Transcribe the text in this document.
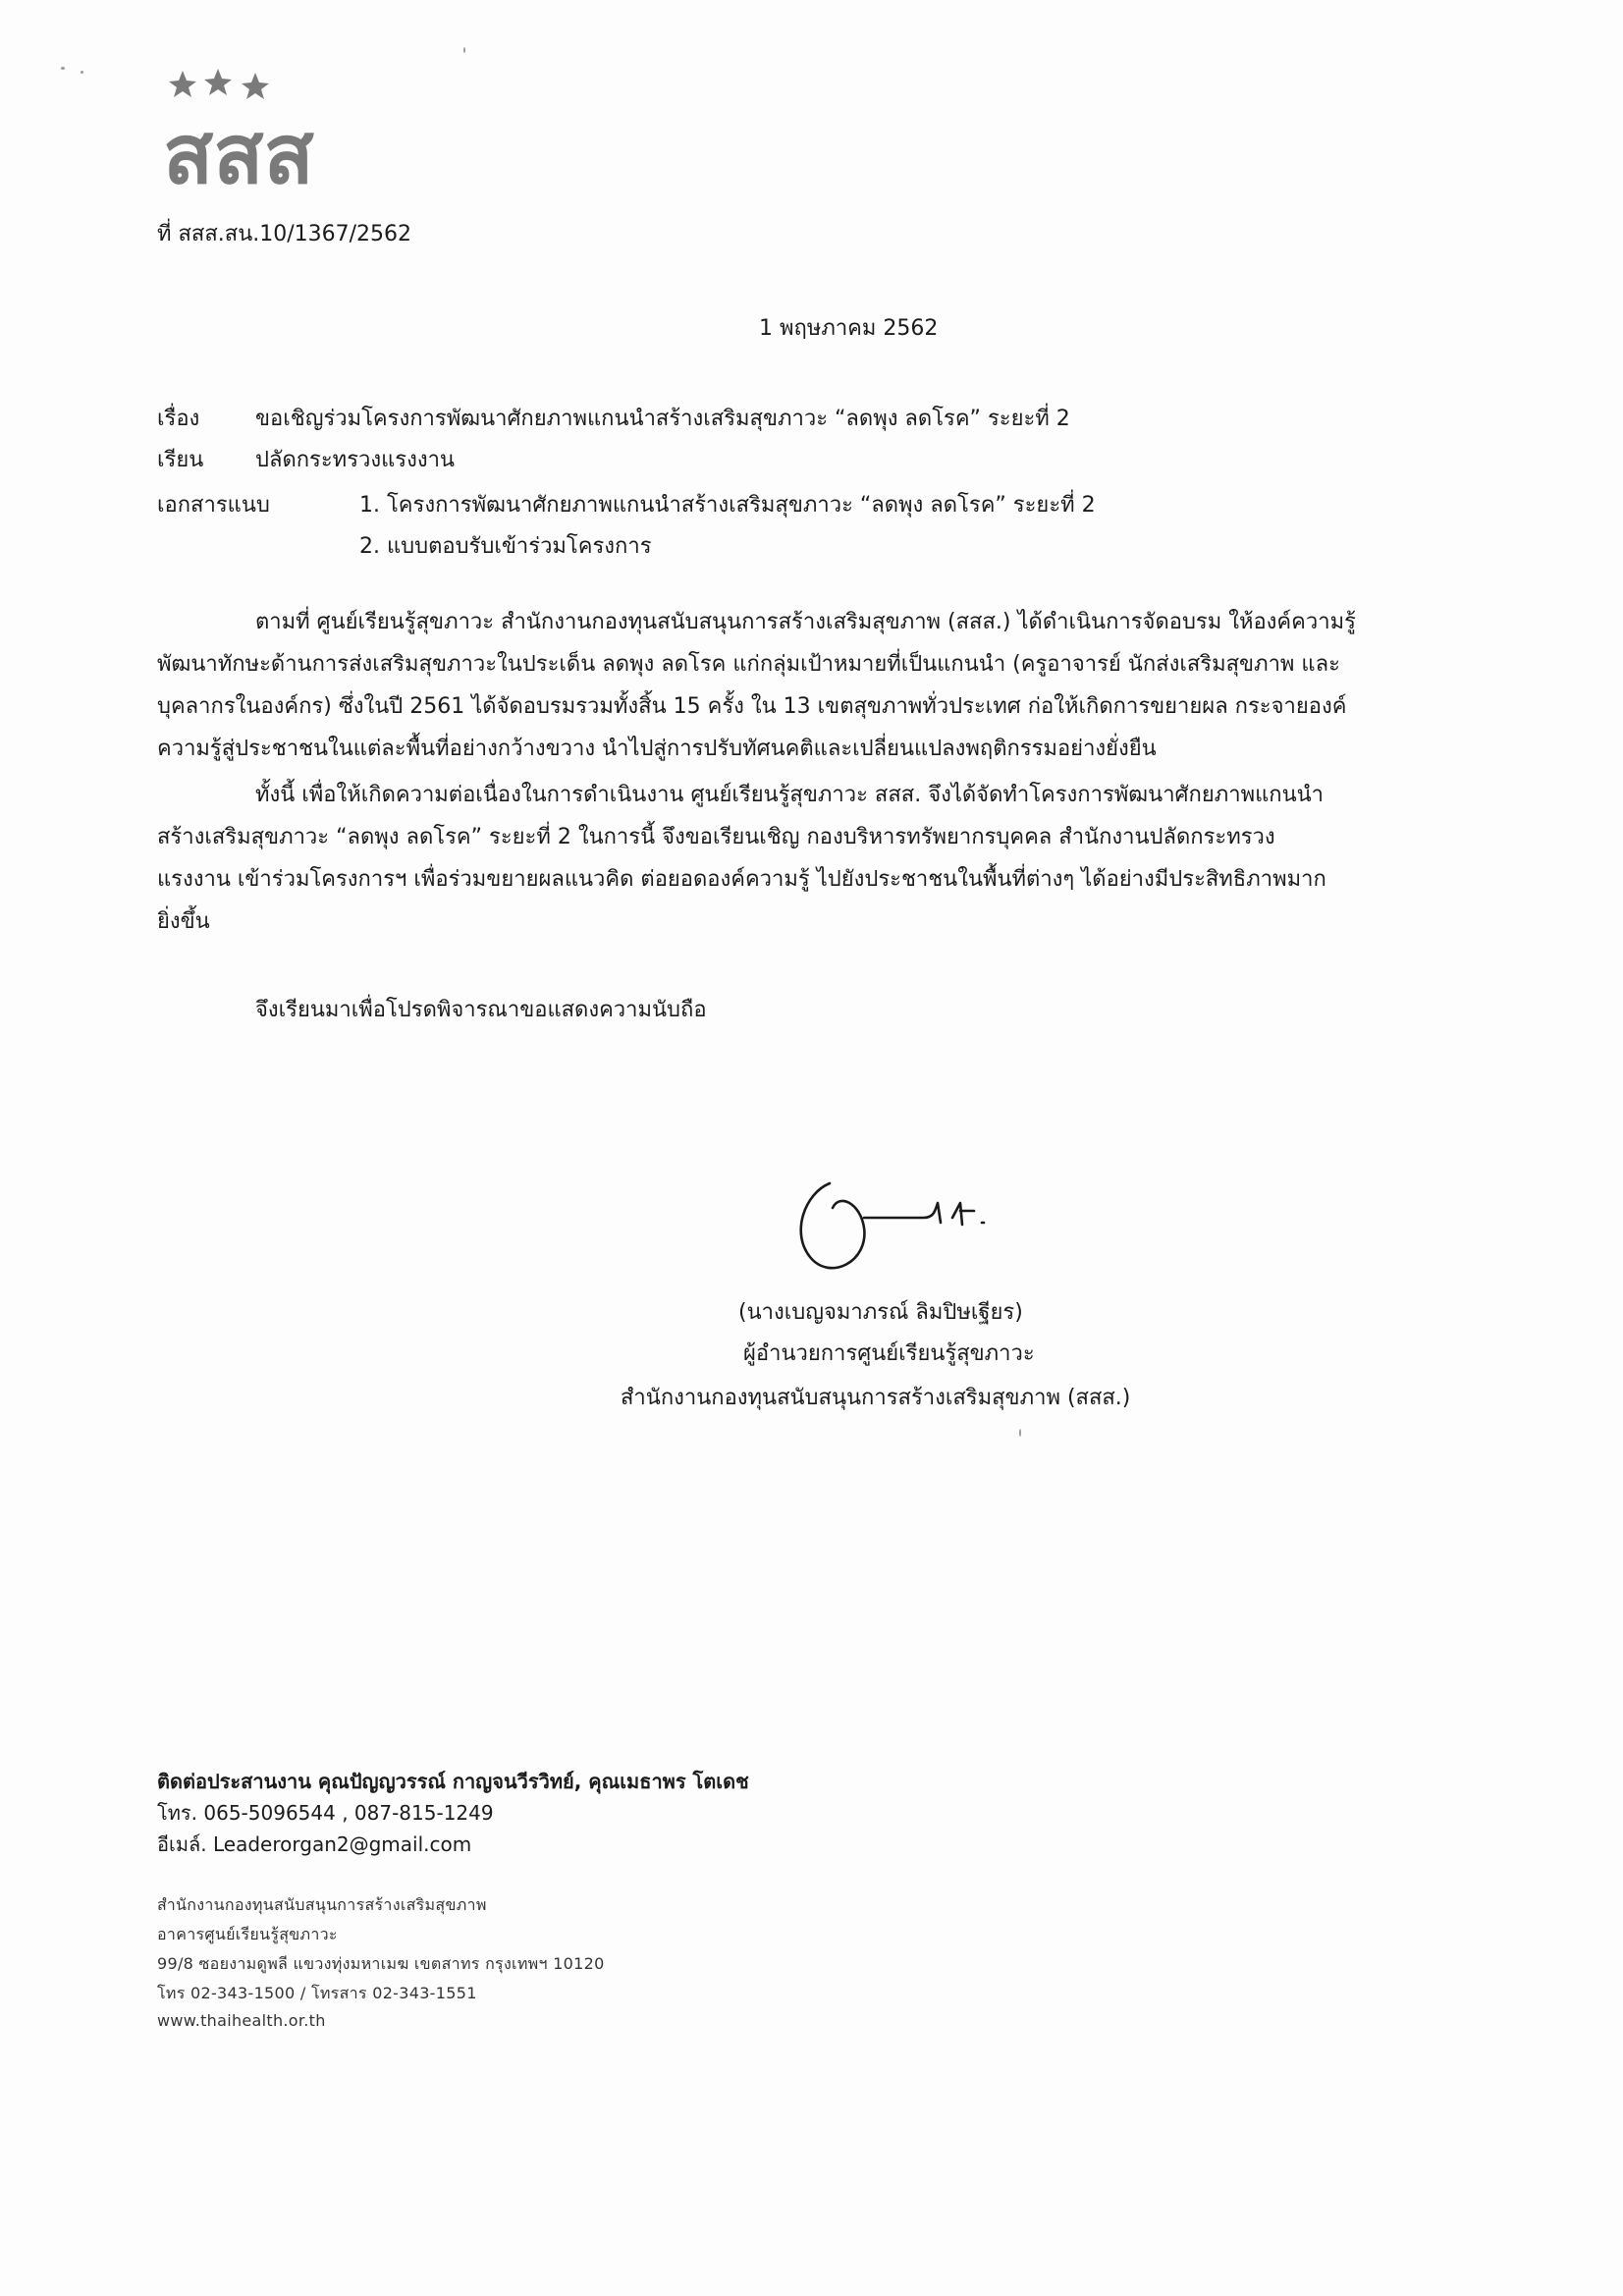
สสส
ที่ สสส.สน.10/1367/2562
1 พฤษภาคม 2562
เรื่อง	ขอเชิญร่วมโครงการพัฒนาศักยภาพแกนนำสร้างเสริมสุขภาวะ “ลดพุง ลดโรค” ระยะที่ 2
เรียน ปลัดกระทรวงแรงงาน
เอกสารแนบ	1. โครงการพัฒนาศักยภาพแกนนำสร้างเสริมสุขภาวะ “ลดพุง ลดโรค” ระยะที่ 2
2. แบบตอบรับเข้าร่วมโครงการ
ตามที่ ศูนย์เรียนรู้สุขภาวะ สำนักงานกองทุนสนับสนุนการสร้างเสริมสุขภาพ (สสส.) ได้ดำเนินการจัดอบรม ให้องค์ความรู้
พัฒนาทักษะด้านการส่งเสริมสุขภาวะในประเด็น ลดพุง ลดโรค แก่กลุ่มเป้าหมายที่เป็นแกนนำ (ครูอาจารย์ นักส่งเสริมสุขภาพ และ
บุคลากรในองค์กร) ซึ่งในปี 2561 ได้จัดอบรมรวมทั้งสิ้น 15 ครั้ง ใน 13 เขตสุขภาพทั่วประเทศ ก่อให้เกิดการขยายผล กระจายองค์
ความรู้สู่ประชาชนในแต่ละพื้นที่อย่างกว้างขวาง นำไปสู่การปรับทัศนคติและเปลี่ยนแปลงพฤติกรรมอย่างยั่งยืน
ทั้งนี้ เพื่อให้เกิดความต่อเนื่องในการดำเนินงาน ศูนย์เรียนรู้สุขภาวะ สสส. จึงได้จัดทำโครงการพัฒนาศักยภาพแกนนำ
สร้างเสริมสุขภาวะ “ลดพุง ลดโรค” ระยะที่ 2 ในการนี้ จึงขอเรียนเชิญ กองบริหารทรัพยากรบุคคล สำนักงานปลัดกระทรวง
แรงงาน เข้าร่วมโครงการฯ เพื่อร่วมขยายผลแนวคิด ต่อยอดองค์ความรู้ ไปยังประชาชนในพื้นที่ต่างๆ ได้อย่างมีประสิทธิภาพมาก
ยิ่งขึ้น
จึงเรียนมาเพื่อโปรดพิจารณาขอแสดงความนับถือ
(นางเบญจมาภรณ์ ลิมปิษเฐียร)
ผู้อำนวยการศูนย์เรียนรู้สุขภาวะ
สำนักงานกองทุนสนับสนุนการสร้างเสริมสุขภาพ (สสส.)
ติดต่อประสานงาน คุณปัญญวรรณ์ กาญจนวีรวิทย์, คุณเมธาพร โตเดช
โทร. 065-5096544 , 087-815-1249
อีเมล์. Leaderorgan2@gmail.com
สำนักงานกองทุนสนับสนุนการสร้างเสริมสุขภาพ
อาคารศูนย์เรียนรู้สุขภาวะ
99/8 ซอยงามดูพลี แขวงทุ่งมหาเมฆ เขตสาทร กรุงเทพฯ 10120
โทร 02-343-1500 / โทรสาร 02-343-1551
www.thaihealth.or.th
